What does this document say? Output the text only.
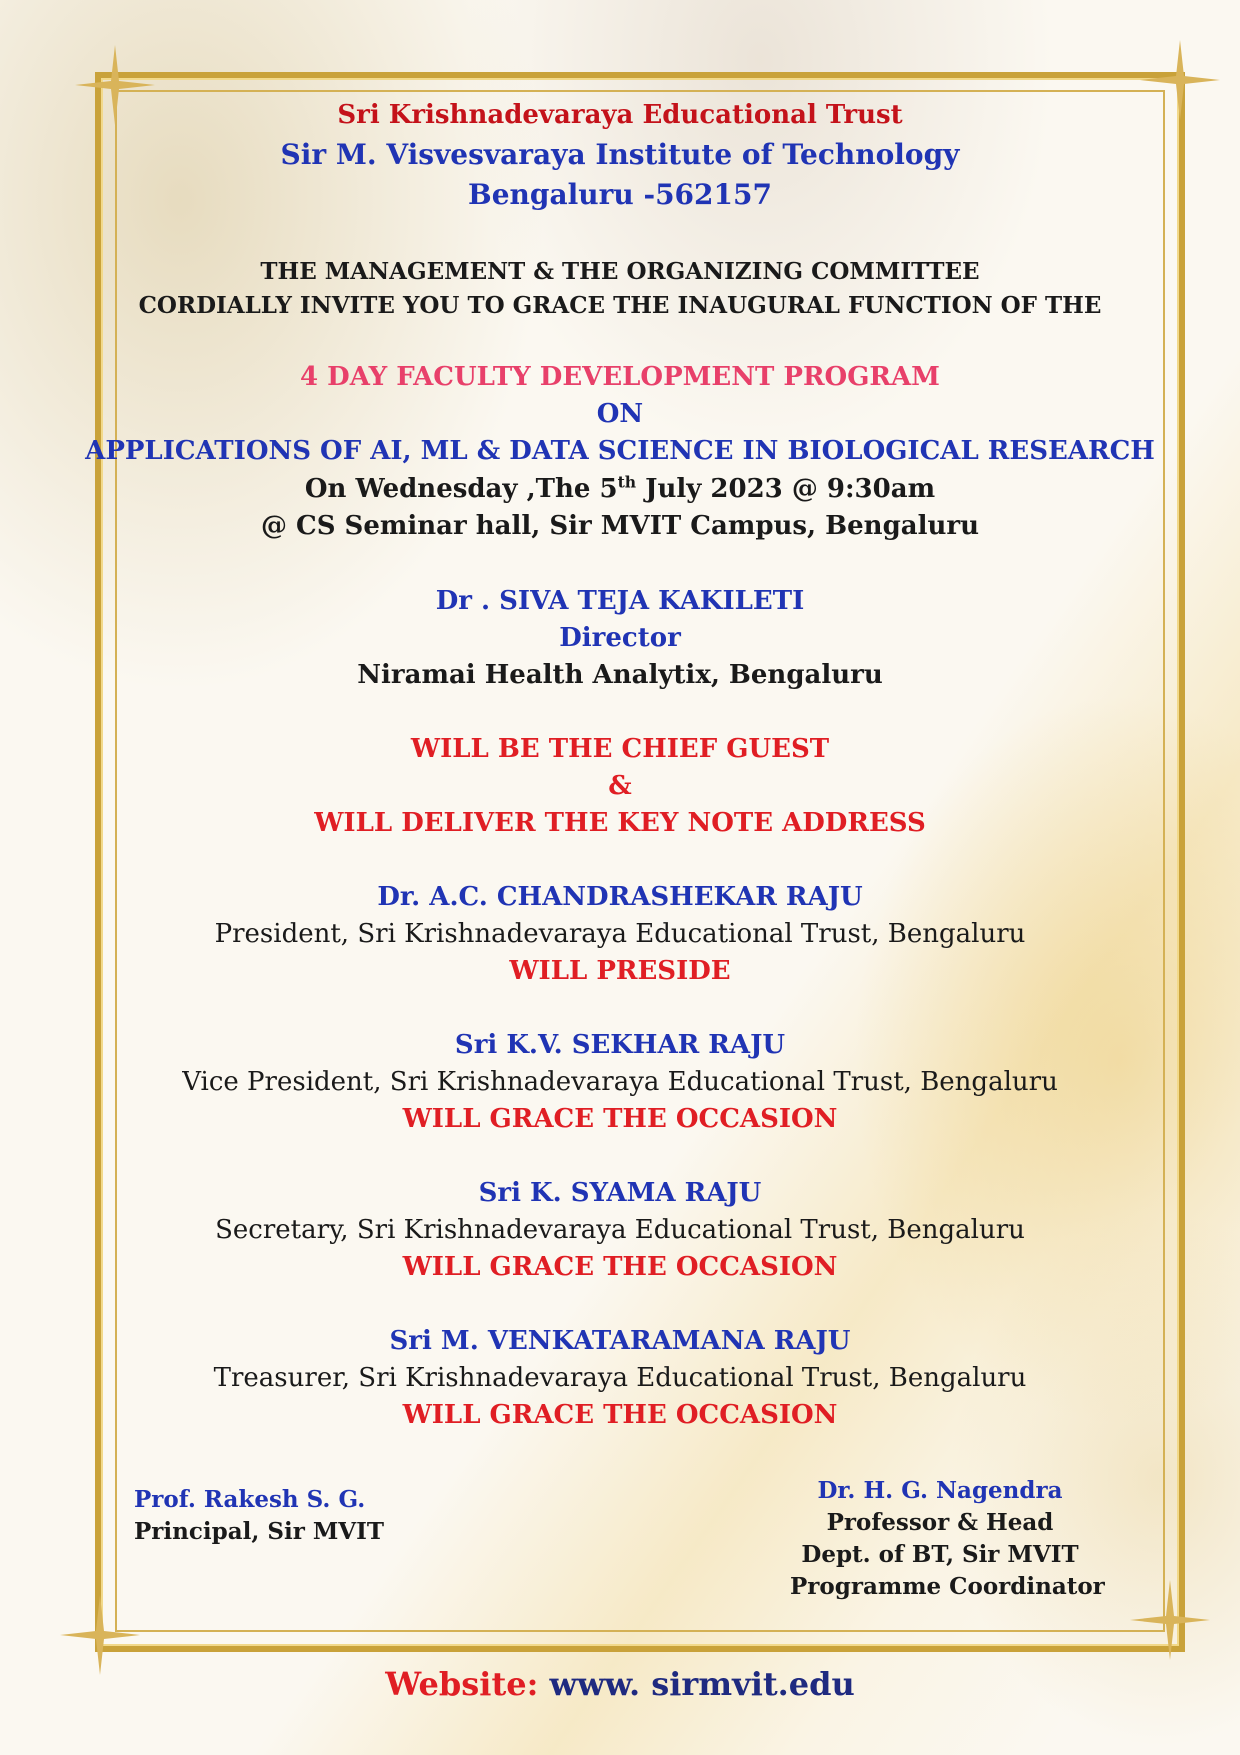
Sri Krishnadevaraya Educational Trust
Sir M. Visvesvaraya Institute of Technology
Bengaluru -562157
THE MANAGEMENT & THE ORGANIZING COMMITTEE
CORDIALLY INVITE YOU TO GRACE THE INAUGURAL FUNCTION OF THE
4 DAY FACULTY DEVELOPMENT PROGRAM
ON
APPLICATIONS OF AI, ML & DATA SCIENCE IN BIOLOGICAL RESEARCH
On Wednesday ,The 5th July 2023 @ 9:30am
@ CS Seminar hall, Sir MVIT Campus, Bengaluru
Dr . SIVA TEJA KAKILETI
Director
Niramai Health Analytix, Bengaluru
WILL BE THE CHIEF GUEST
&
WILL DELIVER THE KEY NOTE ADDRESS
Dr. A.C. CHANDRASHEKAR RAJU
President, Sri Krishnadevaraya Educational Trust, Bengaluru
WILL PRESIDE
Sri K.V. SEKHAR RAJU
Vice President, Sri Krishnadevaraya Educational Trust, Bengaluru
WILL GRACE THE OCCASION
Sri K. SYAMA RAJU
Secretary, Sri Krishnadevaraya Educational Trust, Bengaluru
WILL GRACE THE OCCASION
Sri M. VENKATARAMANA RAJU
Treasurer, Sri Krishnadevaraya Educational Trust, Bengaluru
WILL GRACE THE OCCASION
Prof. Rakesh S. G.
Principal, Sir MVIT
Dr. H. G. Nagendra
Professor & Head
Dept. of BT, Sir MVIT
Programme Coordinator
Website: www. sirmvit.edu
